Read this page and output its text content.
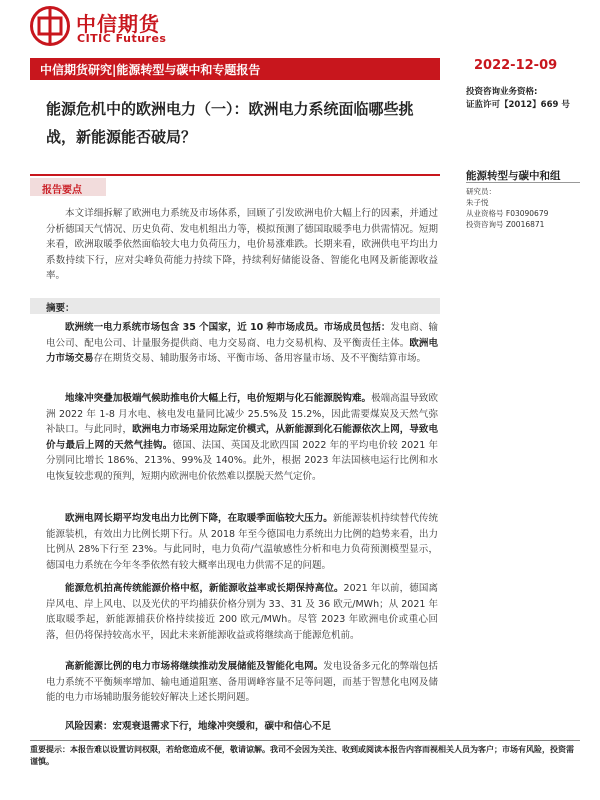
中信期货
CITIC Futures
中信期货研究|能源转型与碳中和专题报告	2022-12-09
投资咨询业务资格:
证监许可【2012】669 号
能源危机中的欧洲电力（一）：欧洲电力系统面临哪些挑战，新能源能否破局？
能源转型与碳中和组
研究员：
朱子悦
从业资格号 F03090679
投资咨询号 Z0016871
报告要点

本文详细拆解了欧洲电力系统及市场体系，回顾了引发欧洲电价大幅上行的因素，并通过分析德国天气情况、历史负荷、发电机组出力等，模拟预测了德国取暖季电力供需情况。短期来看，欧洲取暖季依然面临较大电力负荷压力，电价易涨难跌。长期来看，欧洲供电平均出力系数持续下行，应对尖峰负荷能力持续下降，持续利好储能设备、智能化电网及新能源收益率。

摘要：

欧洲统一电力系统市场包含 35 个国家，近 10 种市场成员。市场成员包括：发电商、输电公司、配电公司、计量服务提供商、电力交易商、电力交易机构、及平衡责任主体。欧洲电力市场交易存在期货交易、辅助服务市场、平衡市场、备用容量市场、及不平衡结算市场。

地缘冲突叠加极端气候助推电价大幅上行，电价短期与化石能源脱钩难。极端高温导致欧洲 2022 年 1-8 月水电、核电发电量同比减少 25.5%及 15.2%，因此需要煤炭及天然气弥补缺口。与此同时，欧洲电力市场采用边际定价模式，从新能源到化石能源依次上网，导致电价与最后上网的天然气挂钩。德国、法国、英国及北欧四国 2022 年的平均电价较 2021 年分别同比增长 186%、213%、99%及 140%。此外，根据 2023 年法国核电运行比例和水电恢复较悲观的预判，短期内欧洲电价依然难以摆脱天然气定价。

欧洲电网长期平均发电出力比例下降，在取暖季面临较大压力。新能源装机持续替代传统能源装机，有效出力比例长期下行。从 2018 年至今德国电力系统出力比例的趋势来看，出力比例从 28%下行至 23%。与此同时，电力负荷/气温敏感性分析和电力负荷预测模型显示，德国电力系统在今年冬季依然有较大概率出现电力供需不足的问题。

能源危机拍高传统能源价格中枢，新能源收益率或长期保持高位。2021 年以前，德国离岸风电、岸上风电、以及光伏的平均捕获价格分别为 33、31 及 36 欧元/MWh；从 2021 年底取暖季起，新能源捕获价格持续接近 200 欧元/MWh。尽管 2023 年欧洲电价或重心回落，但仍将保持较高水平，因此未来新能源收益或将继续高于能源危机前。

高新能源比例的电力市场将继续推动发展储能及智能化电网。发电设备多元化的弊端包括电力系统不平衡频率增加、输电通道阻塞、备用调峰容量不足等问题，而基于智慧化电网及储能的电力市场辅助服务能较好解决上述长期问题。

风险因素：宏观衰退需求下行，地缘冲突缓和，碳中和信心不足

重要提示：本报告难以设置访问权限，若给您造成不便，敬请谅解。我司不会因为关注、收到或阅读本报告内容而视相关人员为客户；市场有风险，投资需谨慎。
